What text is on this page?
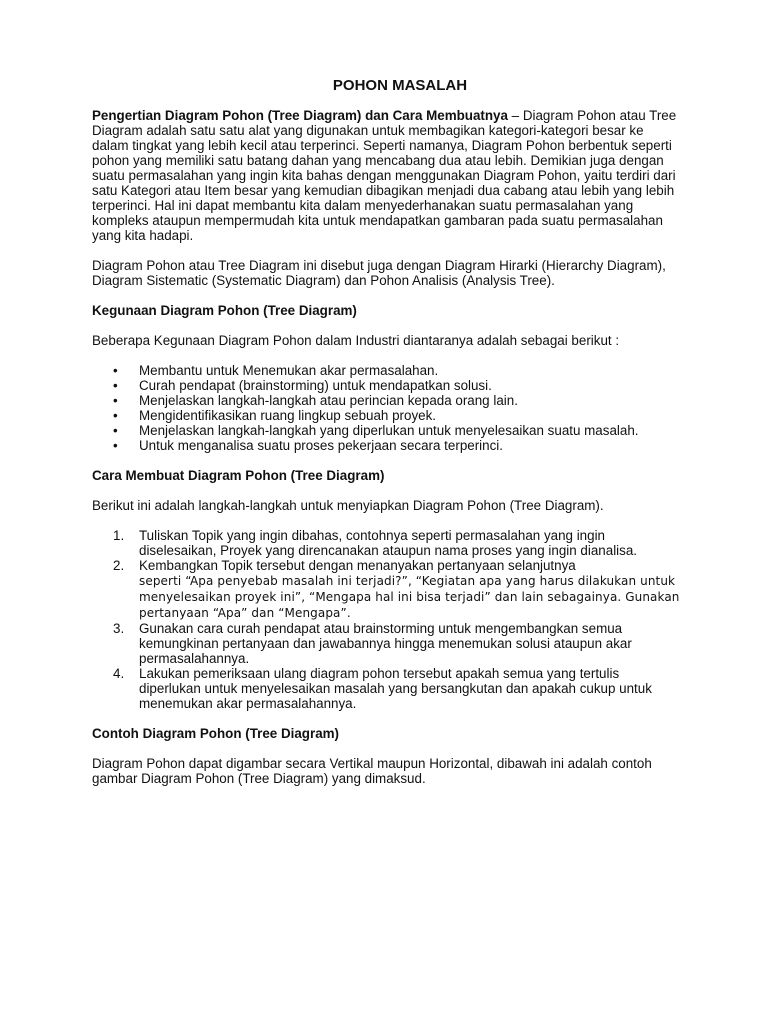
POHON MASALAH

Pengertian Diagram Pohon (Tree Diagram) dan Cara Membuatnya – Diagram Pohon atau Tree Diagram adalah satu satu alat yang digunakan untuk membagikan kategori-kategori besar ke dalam tingkat yang lebih kecil atau terperinci. Seperti namanya, Diagram Pohon berbentuk seperti pohon yang memiliki satu batang dahan yang mencabang dua atau lebih. Demikian juga dengan suatu permasalahan yang ingin kita bahas dengan menggunakan Diagram Pohon, yaitu terdiri dari satu Kategori atau Item besar yang kemudian dibagikan menjadi dua cabang atau lebih yang lebih terperinci. Hal ini dapat membantu kita dalam menyederhanakan suatu permasalahan yang kompleks ataupun mempermudah kita untuk mendapatkan gambaran pada suatu permasalahan yang kita hadapi.

Diagram Pohon atau Tree Diagram ini disebut juga dengan Diagram Hirarki (Hierarchy Diagram), Diagram Sistematic (Systematic Diagram) dan Pohon Analisis (Analysis Tree).

Kegunaan Diagram Pohon (Tree Diagram)

Beberapa Kegunaan Diagram Pohon dalam Industri diantaranya adalah sebagai berikut :

• Membantu untuk Menemukan akar permasalahan.
• Curah pendapat (brainstorming) untuk mendapatkan solusi.
• Menjelaskan langkah-langkah atau perincian kepada orang lain.
• Mengidentifikasikan ruang lingkup sebuah proyek.
• Menjelaskan langkah-langkah yang diperlukan untuk menyelesaikan suatu masalah.
• Untuk menganalisa suatu proses pekerjaan secara terperinci.
Cara Membuat Diagram Pohon (Tree Diagram)

Berikut ini adalah langkah-langkah untuk menyiapkan Diagram Pohon (Tree Diagram).

1. Tuliskan Topik yang ingin dibahas, contohnya seperti permasalahan yang ingin diselesaikan, Proyek yang direncanakan ataupun nama proses yang ingin dianalisa.
2. Kembangkan Topik tersebut dengan menanyakan pertanyaan selanjutnya
seperti “Apa penyebab masalah ini terjadi?”, “Kegiatan apa yang harus dilakukan untuk menyelesaikan proyek ini”, “Mengapa hal ini bisa terjadi” dan lain sebagainya. Gunakan pertanyaan “Apa” dan “Mengapa”.
3. Gunakan cara curah pendapat atau brainstorming untuk mengembangkan semua kemungkinan pertanyaan dan jawabannya hingga menemukan solusi ataupun akar permasalahannya.
4. Lakukan pemeriksaan ulang diagram pohon tersebut apakah semua yang tertulis diperlukan untuk menyelesaikan masalah yang bersangkutan dan apakah cukup untuk menemukan akar permasalahannya.
Contoh Diagram Pohon (Tree Diagram)

Diagram Pohon dapat digambar secara Vertikal maupun Horizontal, dibawah ini adalah contoh gambar Diagram Pohon (Tree Diagram) yang dimaksud.
